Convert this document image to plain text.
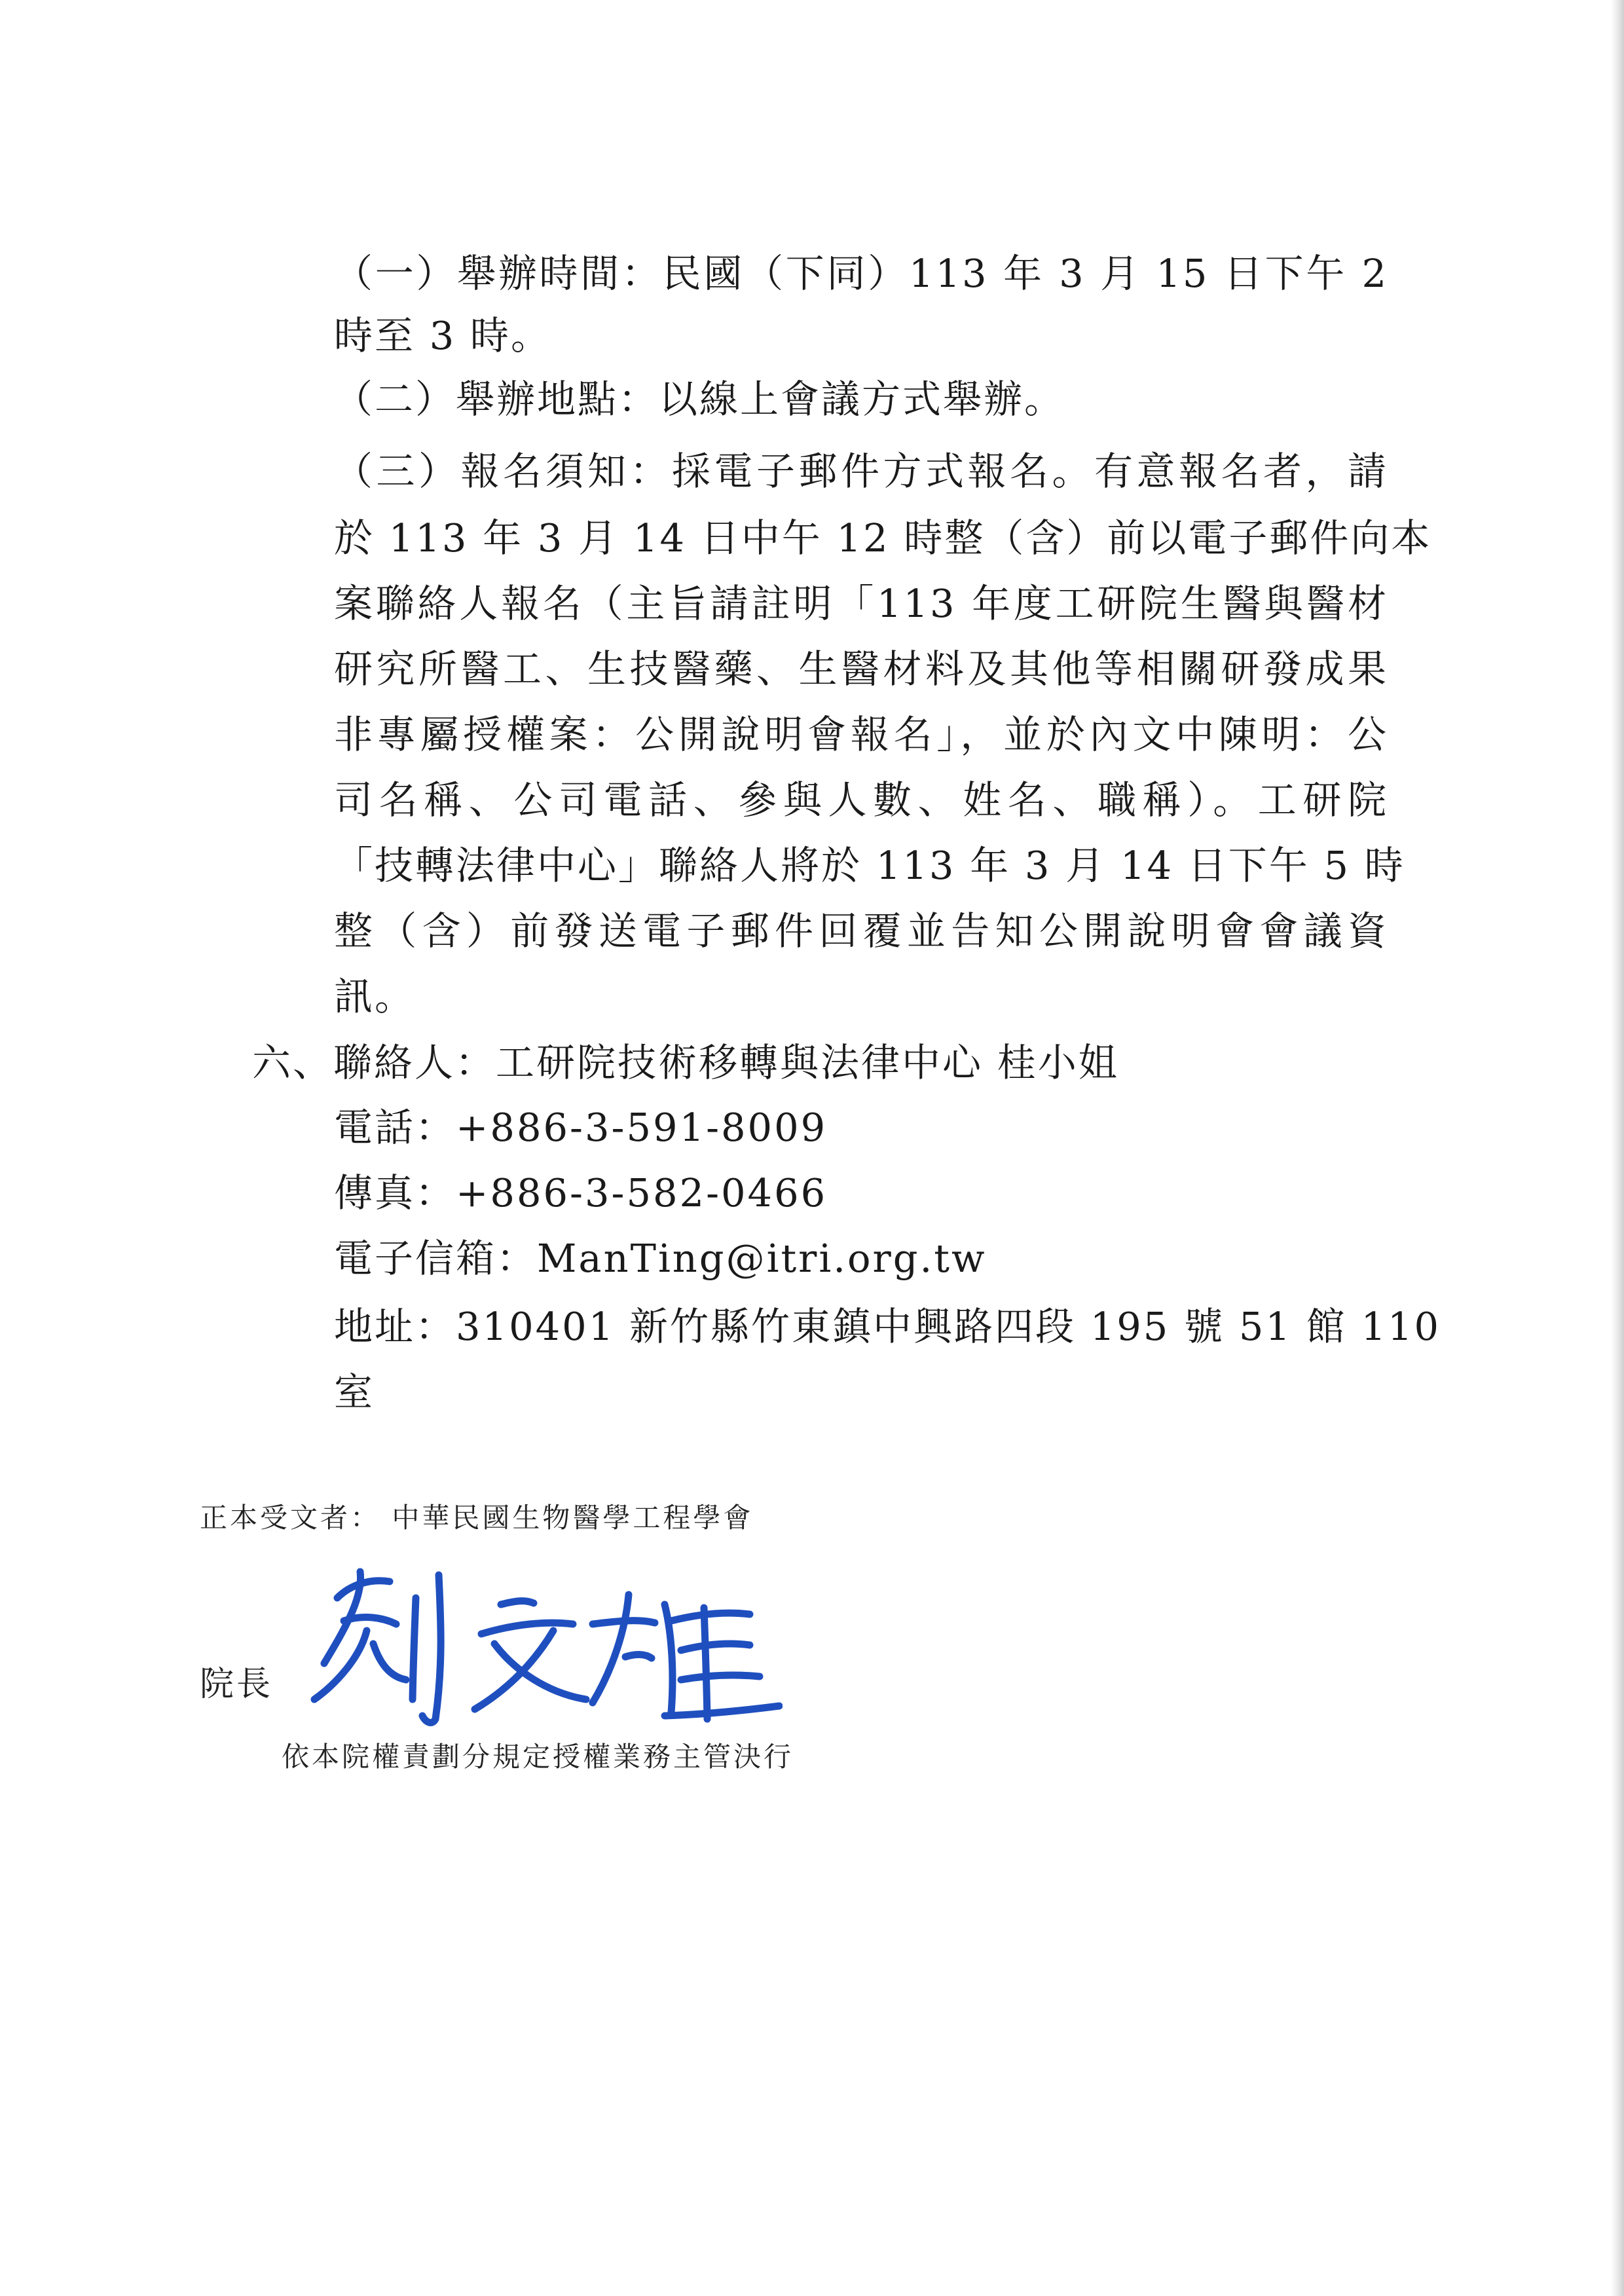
（一）舉辦時間：民國（下同）113 年 3 月 15 日下午 2
時至 3 時。
（二）舉辦地點：以線上會議方式舉辦。
（三）報名須知：採電子郵件方式報名。有意報名者，請
於 113 年 3 月 14 日中午 12 時整（含）前以電子郵件向本
案聯絡人報名（主旨請註明「113 年度工研院生醫與醫材
研究所醫工、生技醫藥、生醫材料及其他等相關研發成果
非專屬授權案：公開說明會報名」，並於內文中陳明：公
司名稱、公司電話、參與人數、姓名、職稱）。工研院
「技轉法律中心」聯絡人將於 113 年 3 月 14 日下午 5 時
整（含）前發送電子郵件回覆並告知公開說明會會議資
訊。
六、聯絡人：工研院技術移轉與法律中心 桂小姐
電話：+886-3-591-8009
傳真：+886-3-582-0466
電子信箱：ManTing@itri.org.tw
地址：310401 新竹縣竹東鎮中興路四段 195 號 51 館 110
室
正本受文者： 中華民國生物醫學工程學會
院長
依本院權責劃分規定授權業務主管決行
